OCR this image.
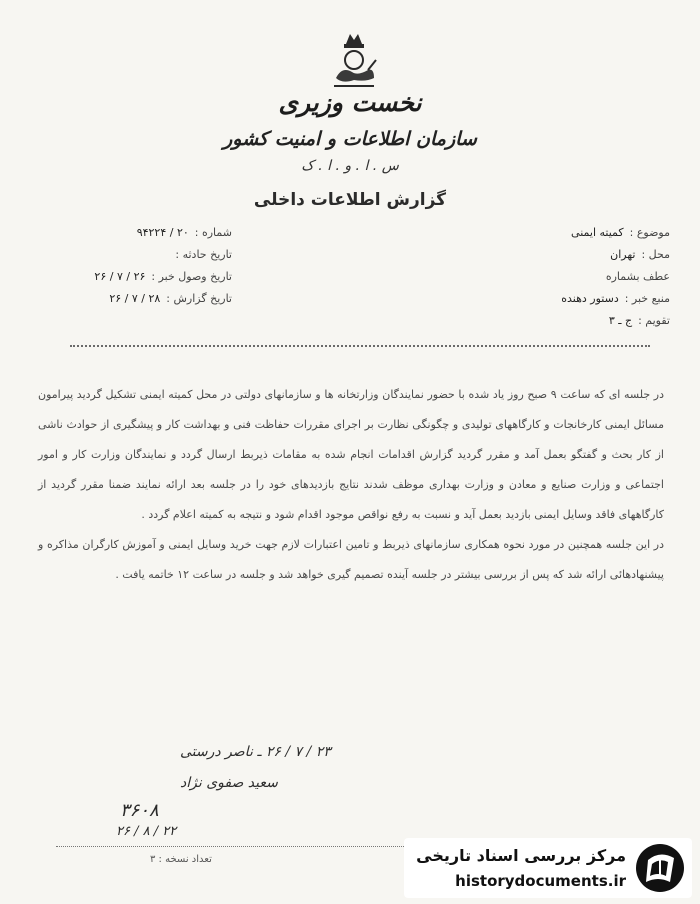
نخست وزیری
سازمان اطلاعات و امنیت کشور
س . ا . و . ا . ک
گزارش اطلاعات داخلی
موضوع :کمیته ایمنی
محل :تهران
عطف بشماره
منبع خبر :دستور دهنده
تقویم :ج ـ ۳
شماره :۲۰ / ۹۴۲۲۴
تاریخ حادثه :
تاریخ وصول خبر :۲۶ / ۷ / ۲۶
تاریخ گزارش :۲۸ / ۷ / ۲۶

در جلسه ای که ساعت ۹ صبح روز یاد شده با حضور نمایندگان وزارتخانه ها و سازمانهای دولتی در محل کمیته ایمنی تشکیل گردید پیرامون مسائل ایمنی کارخانجات و کارگاههای تولیدی و چگونگی نظارت بر اجرای مقررات حفاظت فنی و بهداشت کار و پیشگیری از حوادث ناشی از کار بحث و گفتگو بعمل آمد و مقرر گردید گزارش اقدامات انجام شده به مقامات ذیربط ارسال گردد و نمایندگان وزارت کار و امور اجتماعی و وزارت صنایع و معادن و وزارت بهداری موظف شدند نتایج بازدیدهای خود را در جلسه بعد ارائه نمایند ضمنا مقرر گردید از کارگاههای فاقد وسایل ایمنی بازدید بعمل آید و نسبت به رفع نواقص موجود اقدام شود و نتیجه به کمیته اعلام گردد .

در این جلسه همچنین در مورد نحوه همکاری سازمانهای ذیربط و تامین اعتبارات لازم جهت خرید وسایل ایمنی و آموزش کارگران مذاکره و پیشنهادهائی ارائه شد که پس از بررسی بیشتر در جلسه آینده تصمیم گیری خواهد شد و جلسه در ساعت ۱۲ خاتمه یافت .

۲۳ / ۷ / ۲۶ ـ ناصر درستی
سعید صفوی نژاد
۳۶۰۸
۲۶ / ۸ / ۲۲
تعداد نسخه : ۳	مرکز بررسی اسناد تاریخی
historydocuments.ir
